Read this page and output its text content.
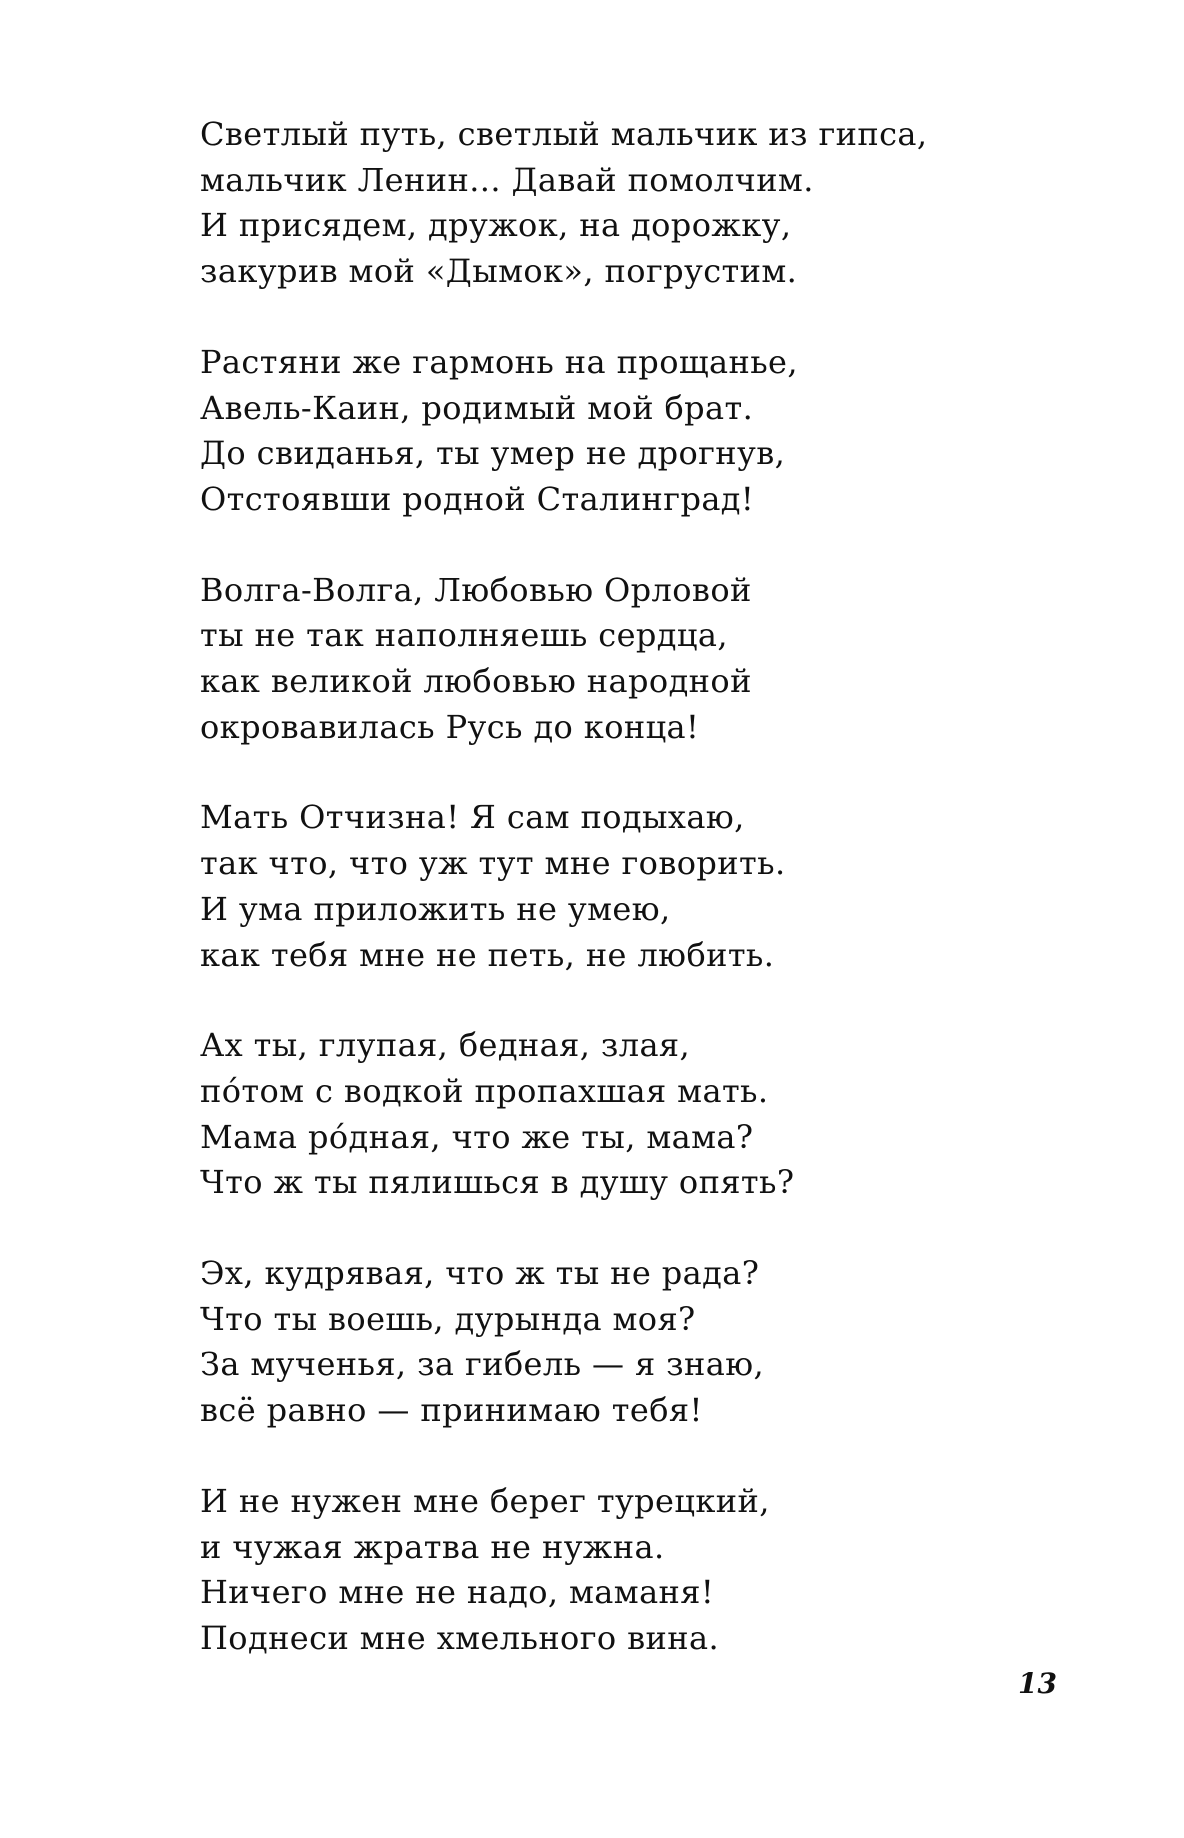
Светлый путь, светлый мальчик из гипса,
мальчик Ленин... Давай помолчим.
И присядем, дружок, на дорожку,
закурив мой «Дымок», погрустим.
Растяни же гармонь на прощанье,
Авель-Каин, родимый мой брат.
До свиданья, ты умер не дрогнув,
Отстоявши родной Сталинград!
Волга-Волга, Любовью Орловой
ты не так наполняешь сердца,
как великой любовью народной
окровавилась Русь до конца!
Мать Отчизна! Я сам подыхаю,
так что, что уж тут мне говорить.
И ума приложить не умею,
как тебя мне не петь, не любить.
Ах ты, глупая, бедная, злая,
по́том с водкой пропахшая мать.
Мама ро́дная, что же ты, мама?
Что ж ты пялишься в душу опять?
Эх, кудрявая, что ж ты не рада?
Что ты воешь, дурында моя?
За мученья, за гибель — я знаю,
всё равно — принимаю тебя!
И не нужен мне берег турецкий,
и чужая жратва не нужна.
Ничего мне не надо, маманя!
Поднеси мне хмельного вина.
13
